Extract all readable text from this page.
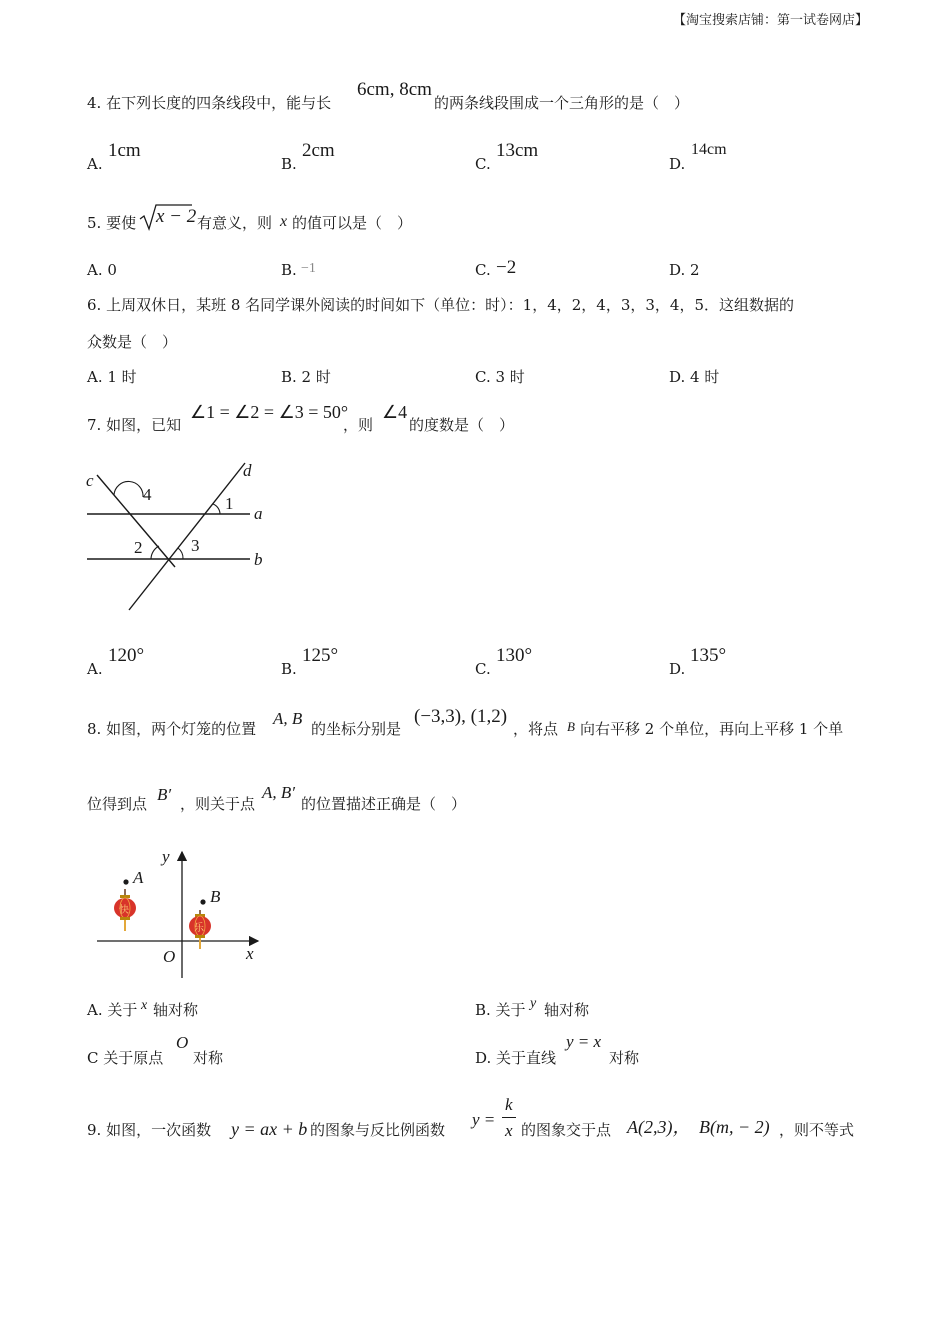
【淘宝搜索店铺：第一试卷网店】
4. 在下列长度的四条线段中，能与长
6cm, 8cm
的两条线段围成一个三角形的是（　）
A.
1cm
B.
2cm
C.
13cm
D.
14cm
5. 要使 x − 2 有意义，则 x 的值可以是（　）
A. 0	B. −1	C. −2	D. 2
6. 上周双休日，某班 8 名同学课外阅读的时间如下（单位：时）：1，4，2，4，3，3，4，5．这组数据的
众数是（　）
A. 1 时	B. 2 时	C. 3 时	D. 4 时
7. 如图，已知
∠1 = ∠2 = ∠3 = 50°
，则
∠4
的度数是（　）
c
d
a
b
1
2	3
4
A.
120°
B.
125°
C.
130°
D.
135°
8. 如图，两个灯笼的位置
A, B
的坐标分别是
(−3,3), (1,2)
，将点 B 向右平移 2 个单位，再向上平移 1 个单
位得到点 B′ ，则关于点
A, B′
的位置描述正确是（　）
y
x
O
A
B
快
乐
A. 关于 x 轴对称	B. 关于 y 轴对称
C 关于原点
O
对称	D. 关于直线
y = x
对称
9. 如图，一次函数 y = ax + b 的图象与反比例函数
y =
k
x 的图象交于点 A(2,3)， B(m, − 2) ，则不等式
